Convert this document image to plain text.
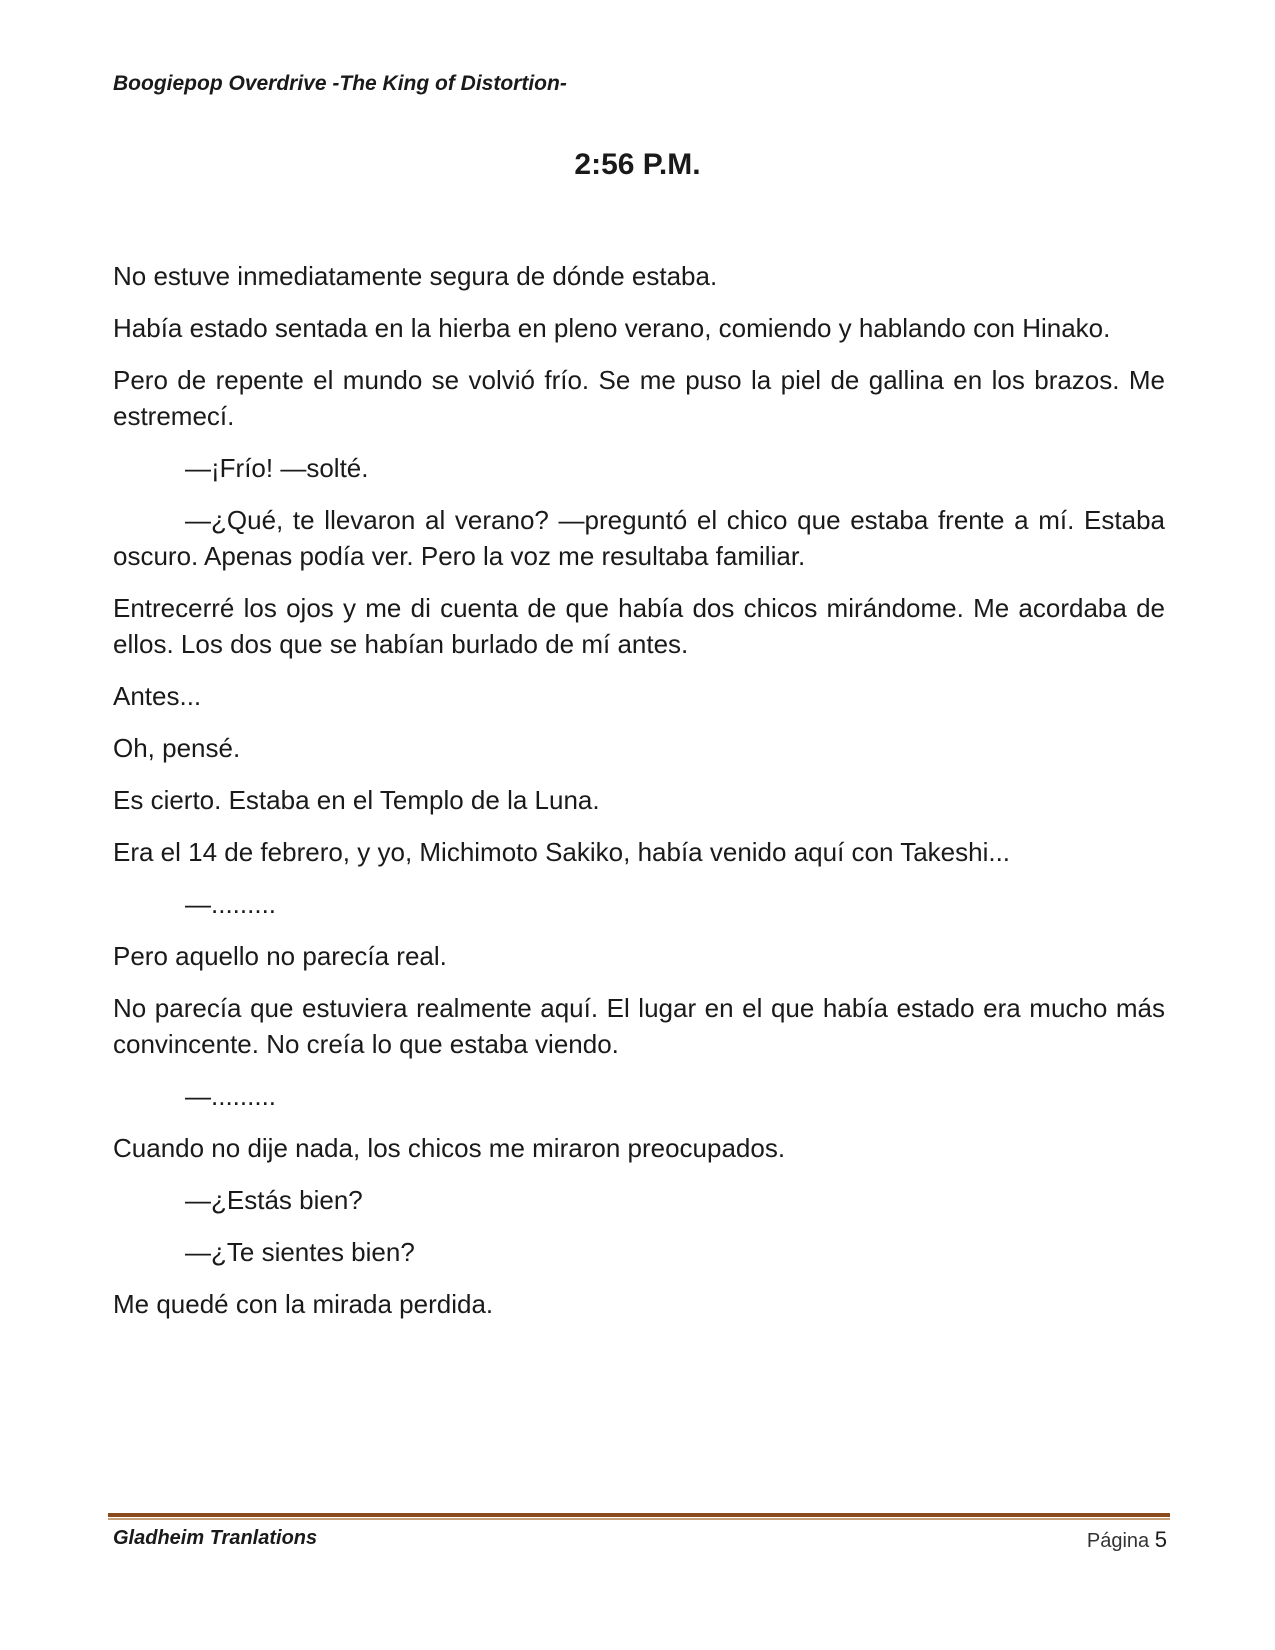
Boogiepop Overdrive -The King of Distortion-
2:56 P.M.

No estuve inmediatamente segura de dónde estaba.

Había estado sentada en la hierba en pleno verano, comiendo y hablando con Hinako.

Pero de repente el mundo se volvió frío. Se me puso la piel de gallina en los brazos. Me estremecí.

—¡Frío! —solté.

—¿Qué, te llevaron al verano? —preguntó el chico que estaba frente a mí. Estaba oscuro. Apenas podía ver. Pero la voz me resultaba familiar.

Entrecerré los ojos y me di cuenta de que había dos chicos mirándome. Me acordaba de ellos. Los dos que se habían burlado de mí antes.

Antes...

Oh, pensé.

Es cierto. Estaba en el Templo de la Luna.

Era el 14 de febrero, y yo, Michimoto Sakiko, había venido aquí con Takeshi...

—.........

Pero aquello no parecía real.

No parecía que estuviera realmente aquí. El lugar en el que había estado era mucho más convincente. No creía lo que estaba viendo.

—.........

Cuando no dije nada, los chicos me miraron preocupados.

—¿Estás bien?

—¿Te sientes bien?

Me quedé con la mirada perdida.

Gladheim Tranlations	Página 5
